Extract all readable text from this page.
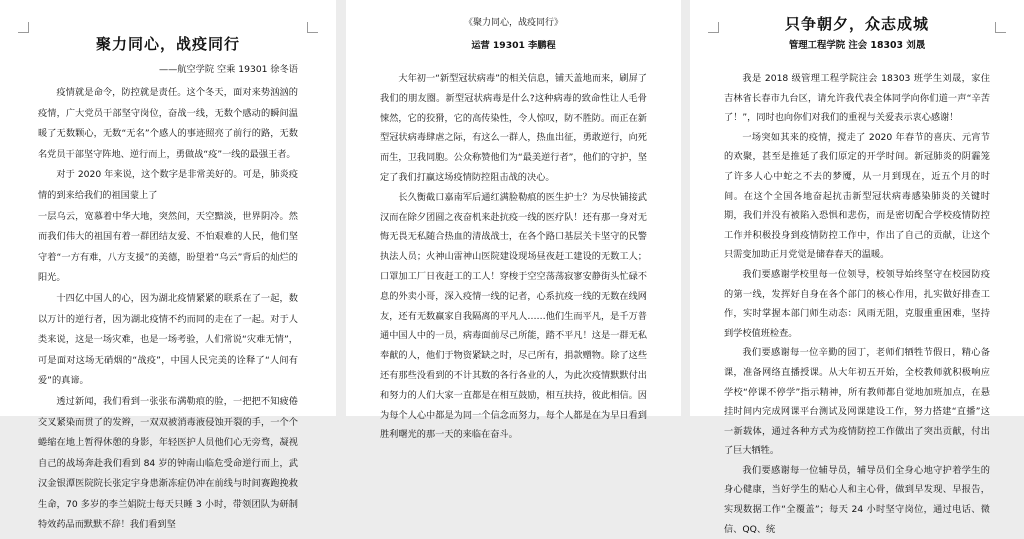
聚力同心，战疫同行

——航空学院 空乘 19301 徐冬语

疫情就是命令，防控就是责任。这个冬天，面对来势汹汹的疫情，广大党员干部坚守岗位，奋战一线，无数个感动的瞬间温暖了无数颗心，无数“无名”个感人的事迹照亮了前行的路，无数名党员干部坚守阵地、逆行而上，勇做战“疫”一线的最强王者。

对于 2020 年来说，这个数字是非常美好的。可是，肺炎疫情的到来给我们的祖国蒙上了

一层乌云，宽慕着中华大地，突然间，天空黯淡，世界阴冷。然而我们伟大的祖国有着一群团结友爱、不怕艰难的人民，他们坚守着“一方有难，八方支援”的美德，盼望着“乌云”背后的灿烂的阳光。

十四亿中国人的心，因为湖北疫情紧紧的联系在了一起，数以万计的逆行者，因为湖北疫情不约而同的走在了一起。对于人类来说，这是一场灾难，也是一场考验，人们常说“灾难无情”，可是面对这场无硝烟的“战疫”，中国人民完美的诠释了“人间有爱”的真谛。

透过新闻，我们看到一张张布满勒痕的脸，一把把不知疲倦交叉紧染而贯了的发辫，一双双被消毒液侵蚀开裂的手，一个个蜷缩在地上暂得休憩的身影，年轻医护人员他们心无旁骛，凝视自己的战场奔赴我们看到 84 岁的钟南山临危受命逆行而上，武汉金银潭医院院长张定宇身患渐冻症仍冲在前线与时间赛跑挽救生命，70 多岁的李兰娟院士每天只睡 3 小时，带领团队为研制特效药品而默默不辞！我们看到坚

《聚力同心，战疫同行》

运营 19301 李鹏程

大年初一“新型冠状病毒”的相关信息，铺天盖地而来，刷屏了我们的朋友圈。新型冠状病毒是什么?这种病毒的致命性让人毛骨悚然，它的狡猾，它的高传染性，令人惊叹，防不胜防。而正在新型冠状病毒肆虐之际，有这么一群人，热血出征，勇敢逆行，向死而生，卫我同胞。公众称赞他们为“最美逆行者”，他们的守护，坚定了我们打赢这场疫情防控阻击战的决心。

长久衡截口嘉南军后通红满脸勒痕的医生护士？为尽快铺接武汉而在除夕团圆之夜奋机来赴抗疫一线的医疗队！还有那一身对无悔无畏无私随合热血的清战战士，在各个路口基层关卡坚守的民警执法人员；火神山雷神山医院建设现场昼夜赶工建设的无数工人；口罩加工厂日夜赶工的工人！穿梭于空空荡荡寂寥安静街头忙碌不息的外卖小哥，深入疫情一线的记者，心系抗疫一线的无数在线网友，还有无数赢家自我隔离的平凡人……他们生而平凡，是千万普通中国人中的一员，病毒面前尽己所能，踏不平凡！这是一群无私奉献的人，他们于物资紧缺之时，尽己所有，捐款赠物。除了这些还有那些没看到的不计其数的各行各业的人，为此次疫情默默付出和努力的人们大家一直都是在相互鼓励，相互扶持，彼此相信。因为每个人心中都是为同一个信念而努力，每个人都是在为早日看到胜利曙光的那一天的来临在奋斗。

只争朝夕，众志成城

管理工程学院 注会 18303 刘晟

我是 2018 级管理工程学院注会 18303 班学生刘晟，家住吉林省长春市九台区，请允许我代表全体同学向你们道一声“辛苦了！”，同时也向你们对我们的重视与关爱表示衷心感谢！

一场突如其来的疫情，搅走了 2020 年春节的喜庆、元宵节的欢聚，甚至是推延了我们原定的开学时间。新冠肺炎的阴霾笼了许多人心中蛇之不去的梦魇，从一月到现在，近五个月的时间。在这个全国各地奋起抗击新型冠状病毒感染肺炎的关键时期，我们并没有被陷入恐惧和悲伤，而是密切配合学校疫情防控工作并积极投身到疫情防控工作中，作出了自己的贡献，让这个只需变加助正月党觉是储春春天的温暖。

我们要感谢学校里每一位领导，校领导始终坚守在校园防疫的第一线，发挥好自身在各个部门的核心作用，扎实做好排查工作，实时掌握本部门师生动态：风雨无阻，克服重重困难，坚持到学校值班检查。

我们要感谢每一位辛勤的园丁，老师们牺牲节假日，精心备课，准备网络直播授课。从大年初五开始，全校教师就积极响应学校“停课不停学”指示精神，所有教师都自觉地加班加点，在悬挂时间内完成网课平台测试及网课建设工作，努力搭建“直播”这一新载体，通过各种方式为疫情防控工作做出了突出贡献，付出了巨大牺牲。

我们要感谢每一位辅导员，辅导员们全身心地守护着学生的身心健康，当好学生的贴心人和主心骨，做到早发现、早报告，实现数据工作“全覆盖”；每天 24 小时坚守岗位，通过电话、微信、QQ、统
